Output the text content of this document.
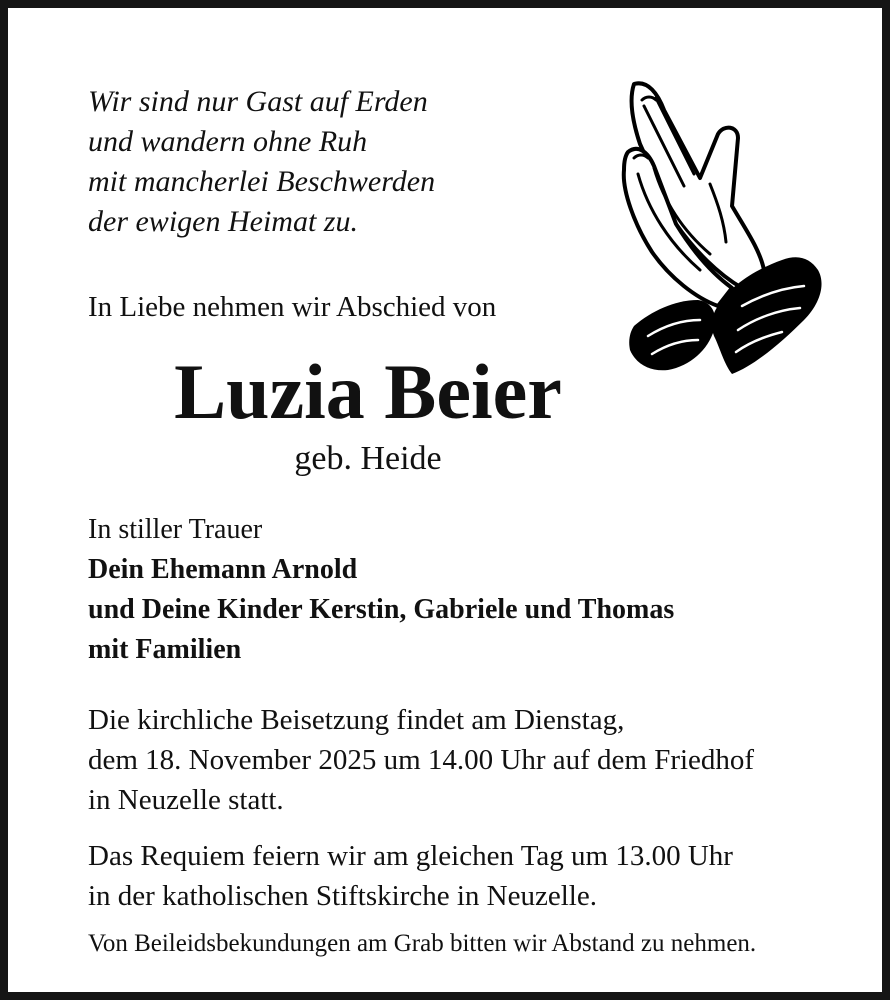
Wir sind nur Gast auf Erden
und wandern ohne Ruh
mit mancherlei Beschwerden
der ewigen Heimat zu.

In Liebe nehmen wir Abschied von

Luzia Beier

geb. Heide

In stiller Trauer
Dein Ehemann Arnold
und Deine Kinder Kerstin, Gabriele und Thomas
mit Familien
Die kirchliche Beisetzung findet am Dienstag,
dem 18. November 2025 um 14.00 Uhr auf dem Friedhof
in Neuzelle statt.
Das Requiem feiern wir am gleichen Tag um 13.00 Uhr
in der katholischen Stiftskirche in Neuzelle.

Von Beileidsbekundungen am Grab bitten wir Abstand zu nehmen.
